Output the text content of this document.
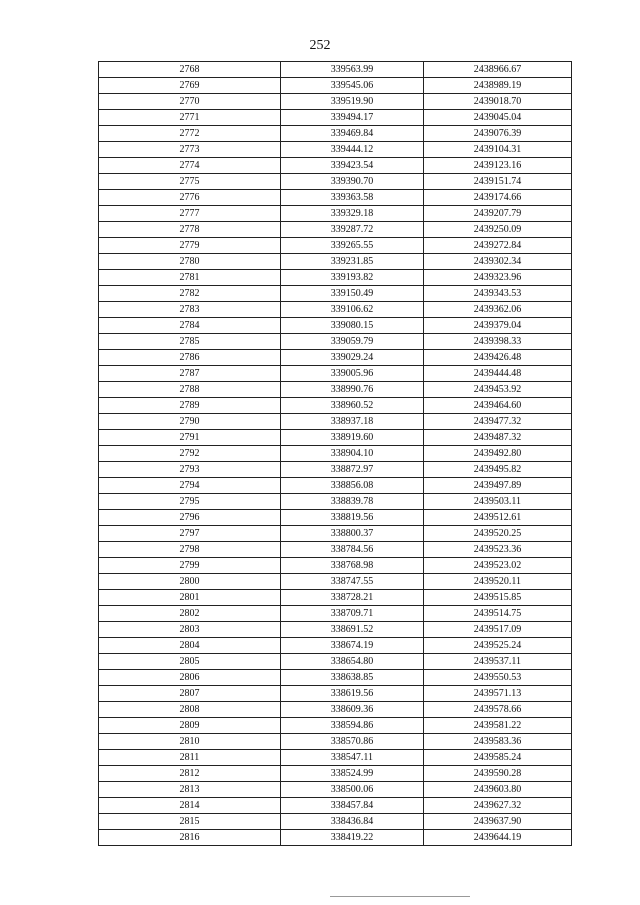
252
2768	339563.99	2438966.67
2769	339545.06	2438989.19
2770	339519.90	2439018.70
2771	339494.17	2439045.04
2772	339469.84	2439076.39
2773	339444.12	2439104.31
2774	339423.54	2439123.16
2775	339390.70	2439151.74
2776	339363.58	2439174.66
2777	339329.18	2439207.79
2778	339287.72	2439250.09
2779	339265.55	2439272.84
2780	339231.85	2439302.34
2781	339193.82	2439323.96
2782	339150.49	2439343.53
2783	339106.62	2439362.06
2784	339080.15	2439379.04
2785	339059.79	2439398.33
2786	339029.24	2439426.48
2787	339005.96	2439444.48
2788	338990.76	2439453.92
2789	338960.52	2439464.60
2790	338937.18	2439477.32
2791	338919.60	2439487.32
2792	338904.10	2439492.80
2793	338872.97	2439495.82
2794	338856.08	2439497.89
2795	338839.78	2439503.11
2796	338819.56	2439512.61
2797	338800.37	2439520.25
2798	338784.56	2439523.36
2799	338768.98	2439523.02
2800	338747.55	2439520.11
2801	338728.21	2439515.85
2802	338709.71	2439514.75
2803	338691.52	2439517.09
2804	338674.19	2439525.24
2805	338654.80	2439537.11
2806	338638.85	2439550.53
2807	338619.56	2439571.13
2808	338609.36	2439578.66
2809	338594.86	2439581.22
2810	338570.86	2439583.36
2811	338547.11	2439585.24
2812	338524.99	2439590.28
2813	338500.06	2439603.80
2814	338457.84	2439627.32
2815	338436.84	2439637.90
2816	338419.22	2439644.19
